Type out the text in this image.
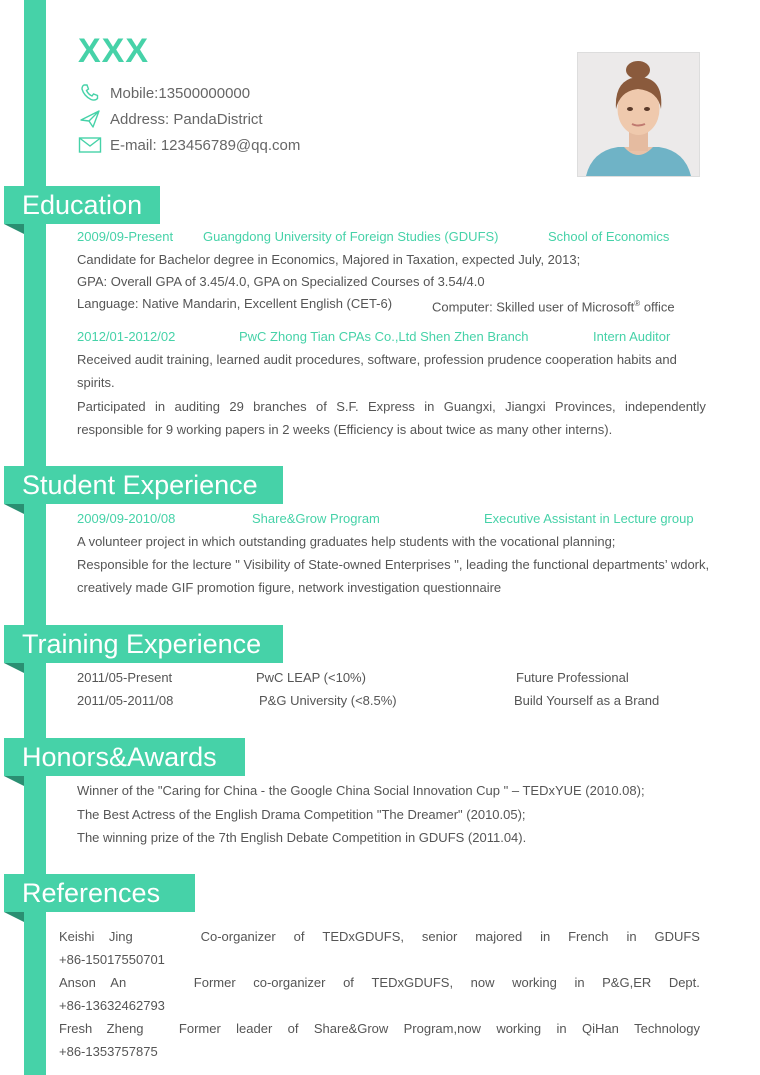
XXX
Mobile:13500000000
Address: PandaDistrict
E-mail: 123456789@qq.com
Education
2009/09-Present Guangdong University of Foreign Studies (GDUFS)	School of Economics
Candidate for Bachelor degree in Economics, Majored in Taxation, expected July, 2013;
GPA: Overall GPA of 3.45/4.0, GPA on Specialized Courses of 3.54/4.0
Language: Native Mandarin, Excellent English (CET-6)	Computer: Skilled user of Microsoft® office
2012/01-2012/02	PwC Zhong Tian CPAs Co.,Ltd Shen Zhen Branch	Intern Auditor
Received audit training, learned audit procedures, software, profession prudence cooperation habits and
spirits.
Participated in auditing 29 branches of S.F. Express in Guangxi, Jiangxi Provinces, independently
responsible for 9 working papers in 2 weeks (Efficiency is about twice as many other interns).
Student Experience
2009/09-2010/08	Share&Grow Program	Executive Assistant in Lecture group
A volunteer project in which outstanding graduates help students with the vocational planning;
Responsible for the lecture " Visibility of State-owned Enterprises ", leading the functional departments’ wdork,
creatively made GIF promotion figure, network investigation questionnaire
Training Experience
2011/05-Present	PwC LEAP (<10%)	Future Professional
2011/05-2011/08	P&G University (<8.5%)	Build Yourself as a Brand
Honors&Awards
Winner of the "Caring for China - the Google China Social Innovation Cup " – TEDxYUE (2010.08);
The Best Actress of the English Drama Competition "The Dreamer" (2010.05);
The winning prize of the 7th English Debate Competition in GDUFS (2011.04).
References
Keishi    Jing	Co-organizer of TEDxGDUFS, senior majored in French in GDUFS
+86-15017550701
Anson    An	Former co-organizer of TEDxGDUFS, now working in P&G,ER Dept.
+86-13632462793
Fresh    Zheng	Former leader of Share&Grow Program,now working in QiHan Technology
+86-1353757875
